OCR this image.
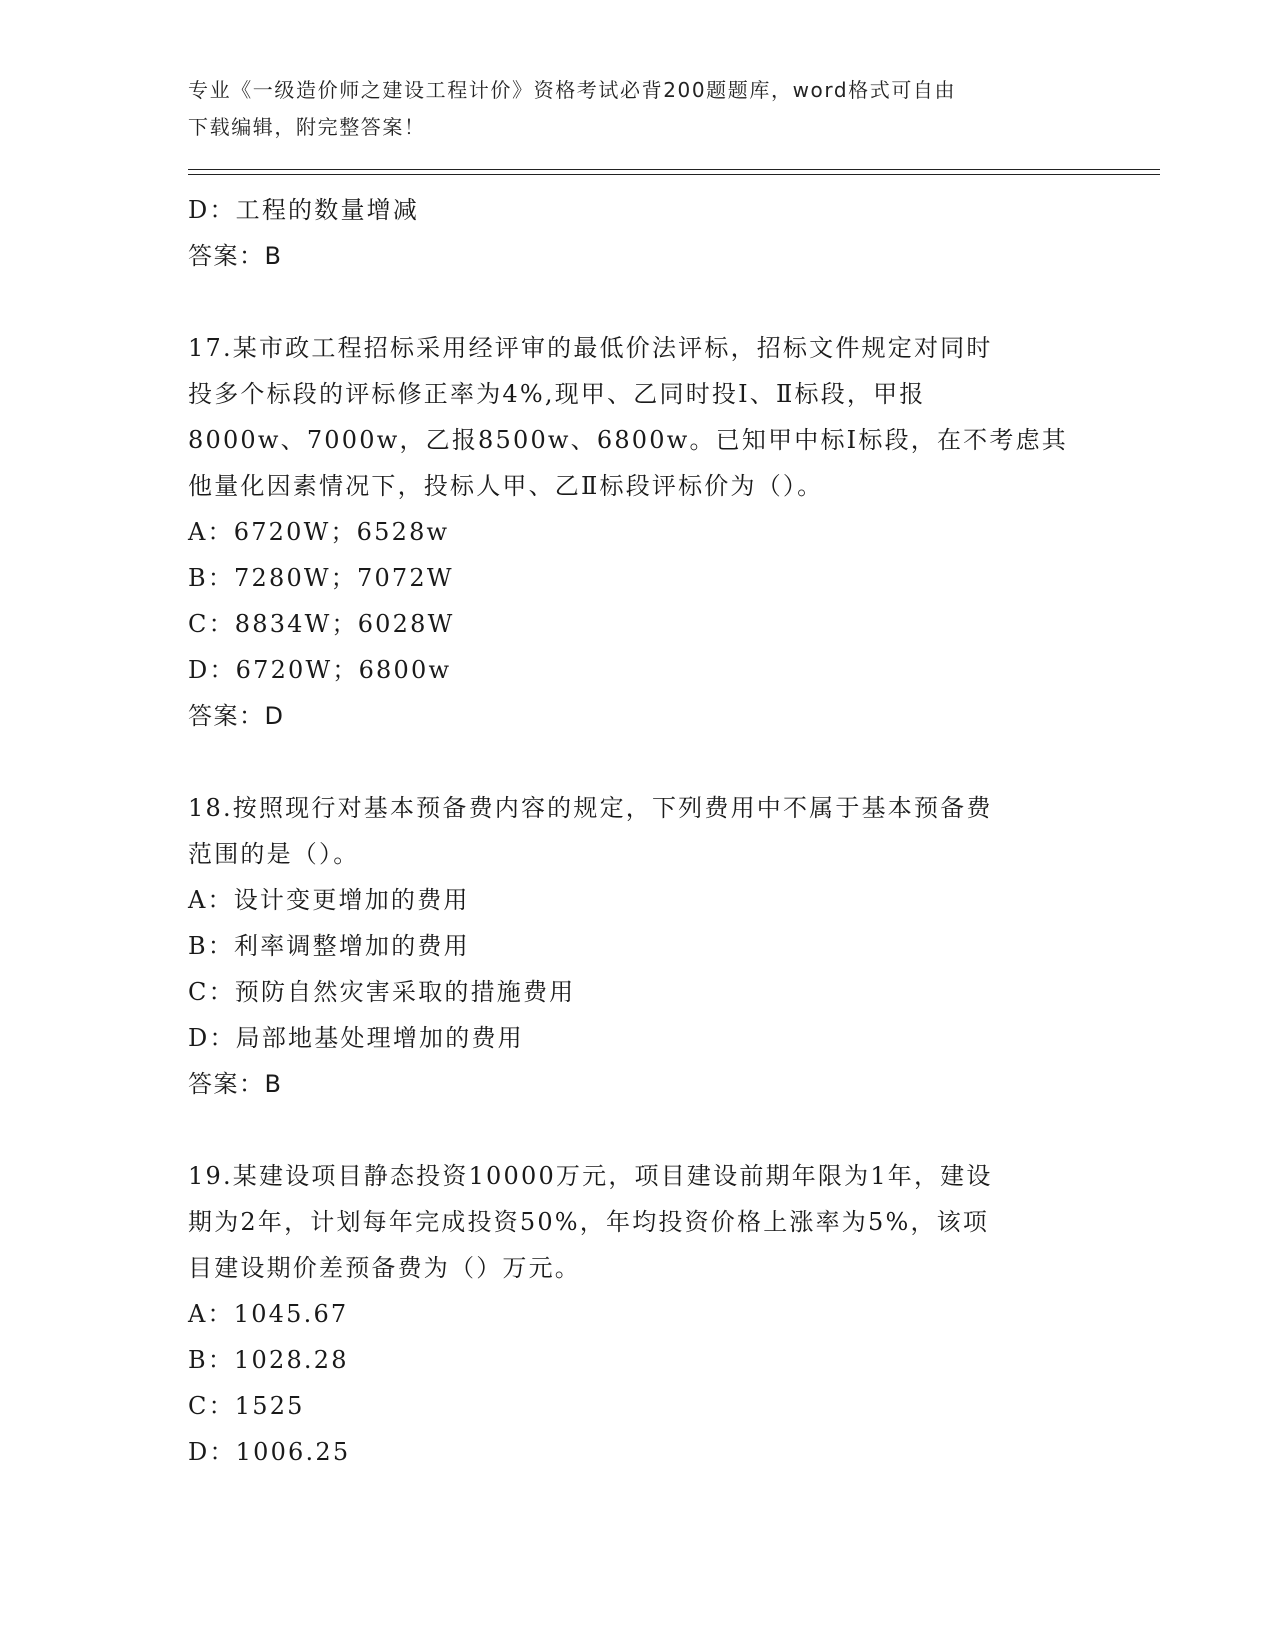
专业《一级造价师之建设工程计价》资格考试必背200题题库，word格式可自由
下载编辑，附完整答案！
D：工程的数量增减
答案：B
17.某市政工程招标采用经评审的最低价法评标，招标文件规定对同时
投多个标段的评标修正率为4%,现甲、乙同时投Ⅰ、Ⅱ标段，甲报
8000w、7000w，乙报8500w、6800w。已知甲中标Ⅰ标段，在不考虑其
他量化因素情况下，投标人甲、乙Ⅱ标段评标价为（）。
A：6720W；6528w
B：7280W；7072W
C：8834W；6028W
D：6720W；6800w
答案：D
18.按照现行对基本预备费内容的规定，下列费用中不属于基本预备费
范围的是（）。
A：设计变更增加的费用
B：利率调整增加的费用
C：预防自然灾害采取的措施费用
D：局部地基处理增加的费用
答案：B
19.某建设项目静态投资10000万元，项目建设前期年限为1年，建设
期为2年，计划每年完成投资50%，年均投资价格上涨率为5%，该项
目建设期价差预备费为（）万元。
A：1045.67
B：1028.28
C：1525
D：1006.25
